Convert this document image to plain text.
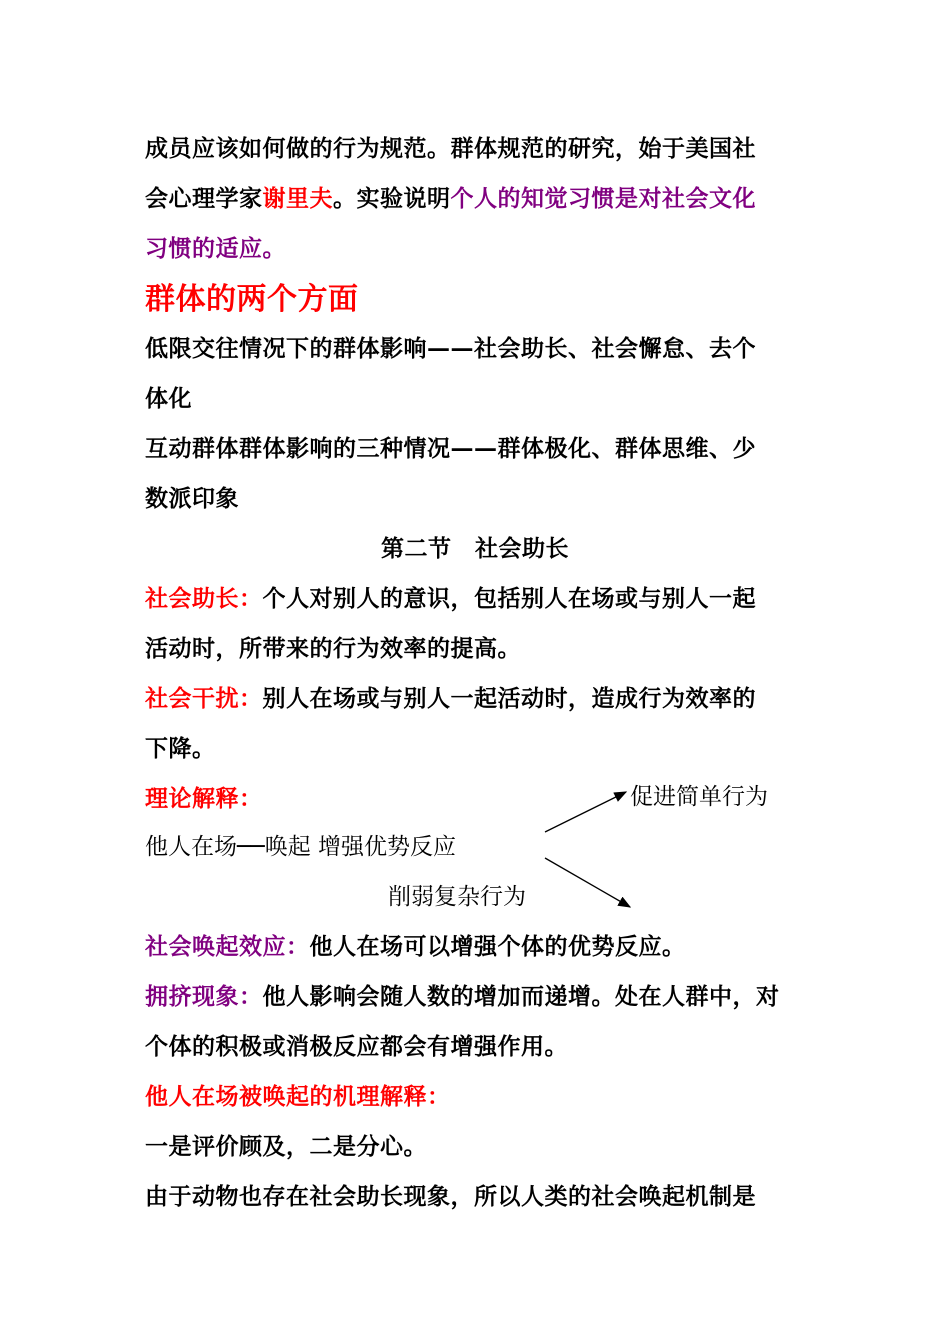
成员应该如何做的行为规范。群体规范的研究，始于美国社
会心理学家谢里夫。实验说明个人的知觉习惯是对社会文化
习惯的适应。
群体的两个方面
低限交往情况下的群体影响——社会助长、社会懈怠、去个
体化
互动群体群体影响的三种情况——群体极化、群体思维、少
数派印象
第二节　社会助长
社会助长：个人对别人的意识，包括别人在场或与别人一起
活动时，所带来的行为效率的提高。
社会干扰：别人在场或与别人一起活动时，造成行为效率的
下降。
理论解释：	促进简单行为
他人在场──唤起 增强优势反应
削弱复杂行为
社会唤起效应：他人在场可以增强个体的优势反应。
拥挤现象：他人影响会随人数的增加而递增。处在人群中，对
个体的积极或消极反应都会有增强作用。
他人在场被唤起的机理解释：
一是评价顾及，二是分心。
由于动物也存在社会助长现象，所以人类的社会唤起机制是
